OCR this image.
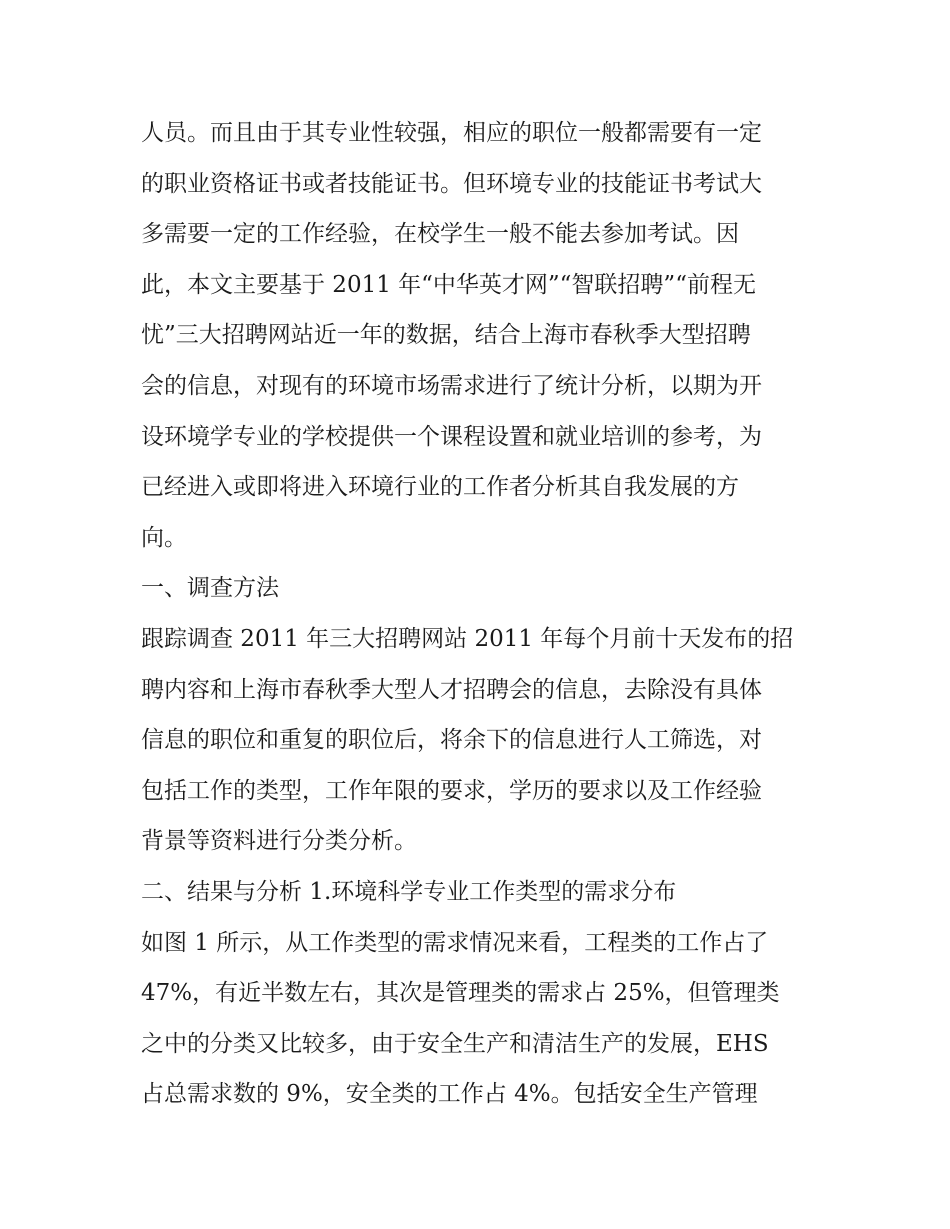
人员。而且由于其专业性较强，相应的职位一般都需要有一定
的职业资格证书或者技能证书。但环境专业的技能证书考试大
多需要一定的工作经验，在校学生一般不能去参加考试。因
此，本文主要基于 2011 年“中华英才网”“智联招聘”“前程无
忧”三大招聘网站近一年的数据，结合上海市春秋季大型招聘
会的信息，对现有的环境市场需求进行了统计分析，以期为开
设环境学专业的学校提供一个课程设置和就业培训的参考，为
已经进入或即将进入环境行业的工作者分析其自我发展的方
向。
一、调查方法
跟踪调查 2011 年三大招聘网站 2011 年每个月前十天发布的招
聘内容和上海市春秋季大型人才招聘会的信息，去除没有具体
信息的职位和重复的职位后，将余下的信息进行人工筛选，对
包括工作的类型，工作年限的要求，学历的要求以及工作经验
背景等资料进行分类分析。
二、结果与分析 1.环境科学专业工作类型的需求分布
如图 1 所示，从工作类型的需求情况来看，工程类的工作占了
47%，有近半数左右，其次是管理类的需求占 25%，但管理类
之中的分类又比较多，由于安全生产和清洁生产的发展，EHS
占总需求数的 9%，安全类的工作占 4%。包括安全生产管理
